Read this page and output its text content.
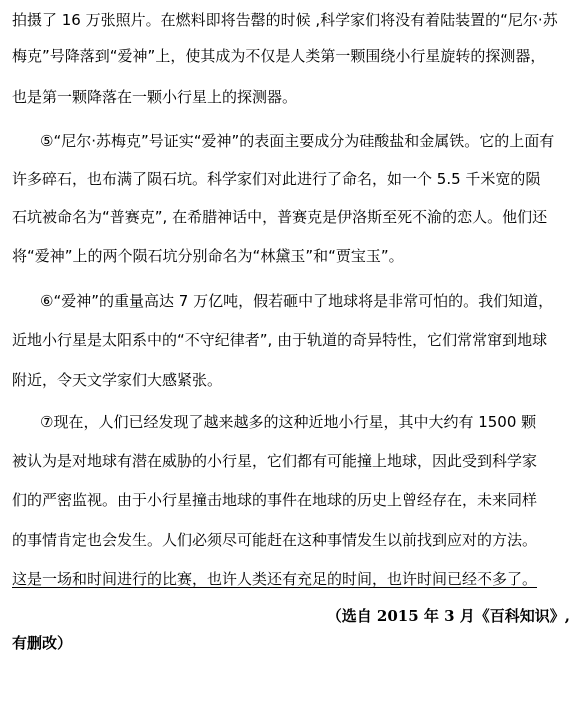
拍摄了 16 万张照片。在燃料即将告罄的时候 ,科学家们将没有着陆装置的“尼尔·苏
梅克”号降落到“爱神”上，使其成为不仅是人类第一颗围绕小行星旋转的探测器，
也是第一颗降落在一颗小行星上的探测器。
⑤“尼尔·苏梅克”号证实“爱神”的表面主要成分为硅酸盐和金属铁。它的上面有
许多碎石，也布满了陨石坑。科学家们对此进行了命名，如一个 5.5 千米宽的陨
石坑被命名为“普赛克”, 在希腊神话中，普赛克是伊洛斯至死不渝的恋人。他们还
将“爱神”上的两个陨石坑分别命名为“林黛玉”和“贾宝玉”。
⑥“爱神”的重量高达 7 万亿吨，假若砸中了地球将是非常可怕的。我们知道，
近地小行星是太阳系中的“不守纪律者”, 由于轨道的奇异特性，它们常常窜到地球
附近，令天文学家们大感紧张。
⑦现在，人们已经发现了越来越多的这种近地小行星，其中大约有 1500 颗
被认为是对地球有潜在威胁的小行星，它们都有可能撞上地球，因此受到科学家
们的严密监视。由于小行星撞击地球的事件在地球的历史上曾经存在，未来同样
的事情肯定也会发生。人们必须尽可能赶在这种事情发生以前找到应对的方法。
这是一场和时间进行的比赛，也许人类还有充足的时间，也许时间已经不多了。
（选自 2015 年 3 月《百科知识》,
有删改）
